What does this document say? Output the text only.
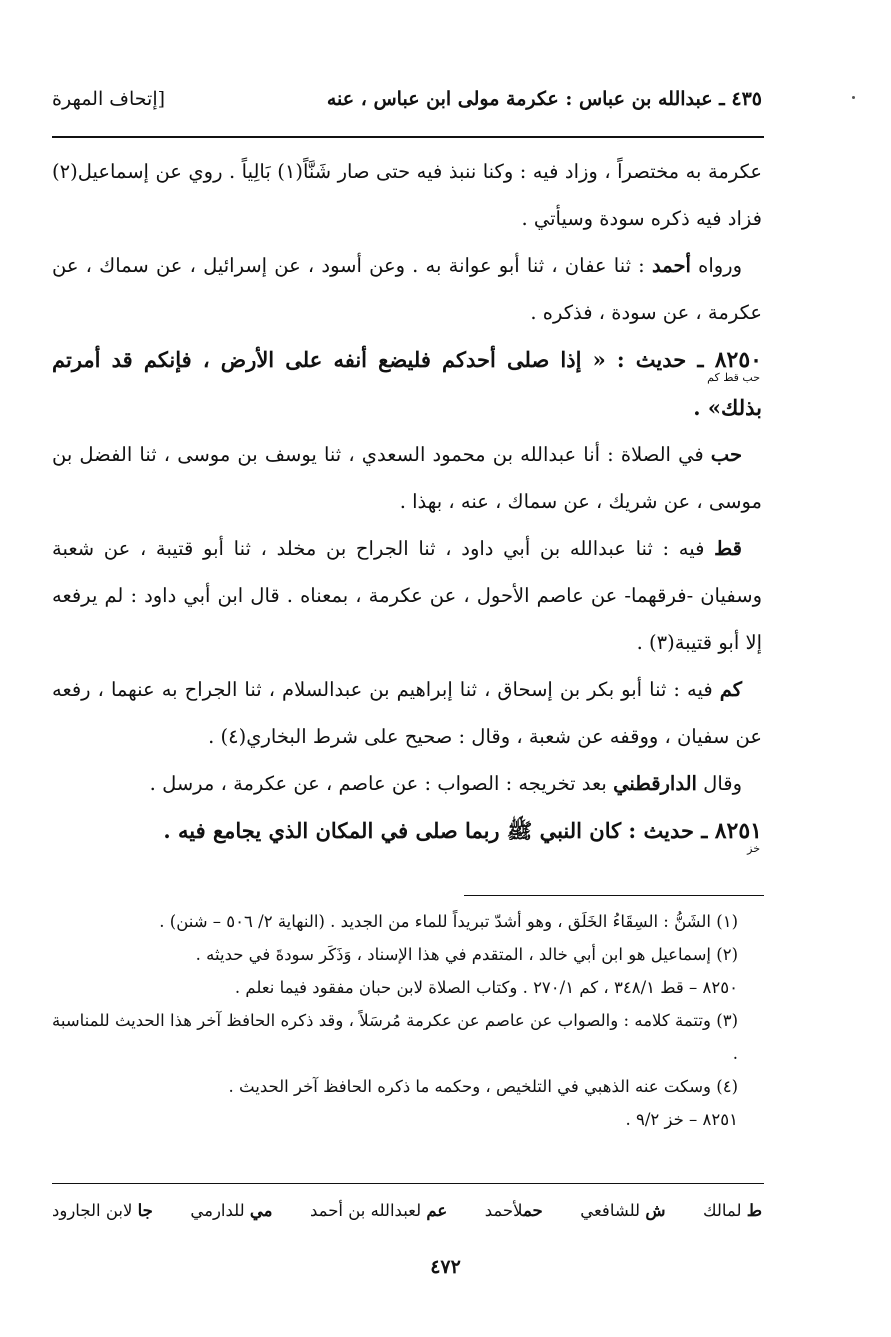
٤٣٥ ـ عبدالله بن عباس : عكرمة مولى ابن عباس ، عنه
[إتحاف المهرة

عكرمة به مختصراً ، وزاد فيه : وكنا ننبذ فيه حتى صار شَنَّاً(١) بَالِياً . روي عن إسماعيل(٢) فزاد فيه ذكره سودة وسيأتي .

ورواه أحمد : ثنا عفان ، ثنا أبو عوانة به . وعن أسود ، عن إسرائيل ، عن سماك ، عن عكرمة ، عن سودة ، فذكره .

٨٢٥٠ ـ حديث : « إذا صلى أحدكم فليضع أنفه على الأرض ، فإنكم قد أمرتم بذلك» .
حب قط كم

حب في الصلاة : أنا عبدالله بن محمود السعدي ، ثنا يوسف بن موسى ، ثنا الفضل بن موسى ، عن شريك ، عن سماك ، عنه ، بهذا .

قط فيه : ثنا عبدالله بن أبي داود ، ثنا الجراح بن مخلد ، ثنا أبو قتيبة ، عن شعبة وسفيان -فرقهما- عن عاصم الأحول ، عن عكرمة ، بمعناه . قال ابن أبي داود : لم يرفعه إلا أبو قتيبة(٣) .

كم فيه : ثنا أبو بكر بن إسحاق ، ثنا إبراهيم بن عبدالسلام ، ثنا الجراح به عنهما ، رفعه عن سفيان ، ووقفه عن شعبة ، وقال : صحيح على شرط البخاري(٤) .

وقال الدارقطني بعد تخريجه : الصواب : عن عاصم ، عن عكرمة ، مرسل .

٨٢٥١ ـ حديث : كان النبي ﷺ ربما صلى في المكان الذي يجامع فيه .
خز

(١) الشَنُّ : السِقَاءُ الخَلَق ، وهو أشدّ تبريداً للماء من الجديد . (النهاية ٢/ ٥٠٦ – شنن) .

(٢) إسماعيل هو ابن أبي خالد ، المتقدم في هذا الإسناد ، وَذَكَر سودةَ في حديثه .

٨٢٥٠ – قط ٣٤٨/١ ، كم ٢٧٠/١ . وكتاب الصلاة لابن حبان مفقود فيما نعلم .

(٣) وتتمة كلامه : والصواب عن عاصم عن عكرمة مُرسَلاً ، وقد ذكره الحافظ آخر هذا الحديث للمناسبة .

(٤) وسكت عنه الذهبي في التلخيص ، وحكمه ما ذكره الحافظ آخر الحديث .

٨٢٥١ – خز ٩/٢ .

ط لمالك
ش للشافعي
حملأحمد
عم لعبدالله بن أحمد
مي للدارمي
جا لابن الجارود
٤٧٢
